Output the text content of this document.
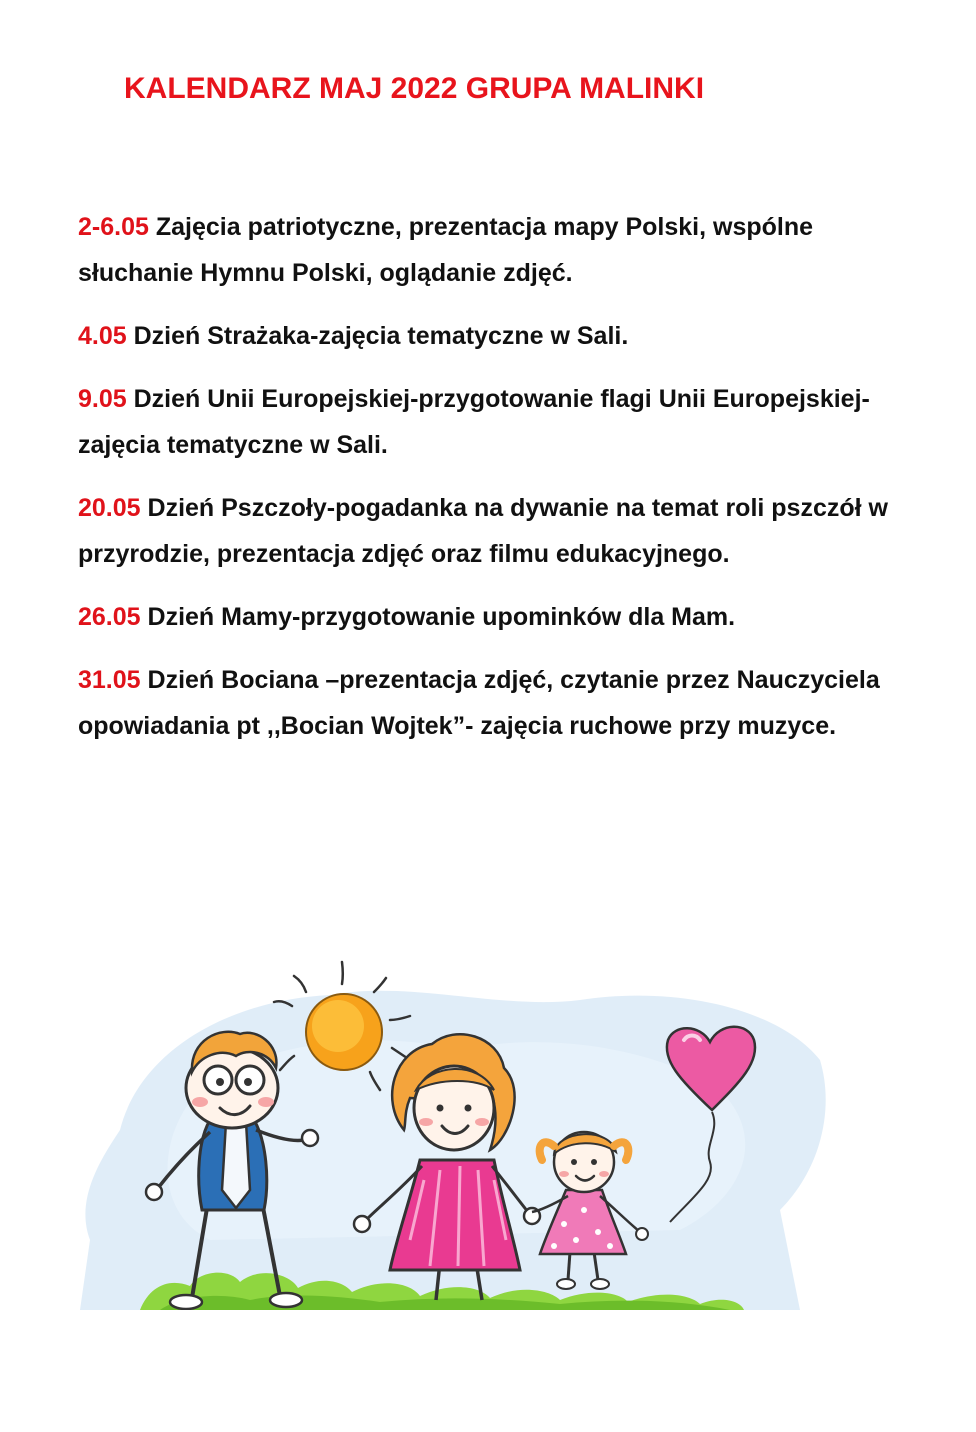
KALENDARZ MAJ 2022 GRUPA MALINKI

2-6.05 Zajęcia patriotyczne, prezentacja mapy Polski, wspólne słuchanie Hymnu Polski, oglądanie zdjęć.

4.05 Dzień Strażaka-zajęcia tematyczne w Sali.

9.05 Dzień Unii Europejskiej-przygotowanie flagi Unii Europejskiej-zajęcia tematyczne w Sali.

20.05 Dzień Pszczoły-pogadanka na dywanie na temat roli pszczół w przyrodzie, prezentacja zdjęć oraz filmu edukacyjnego.

26.05 Dzień Mamy-przygotowanie upominków dla Mam.

31.05 Dzień Bociana –prezentacja zdjęć, czytanie przez Nauczyciela opowiadania pt ,,Bocian Wojtek”- zajęcia ruchowe przy muzyce.
